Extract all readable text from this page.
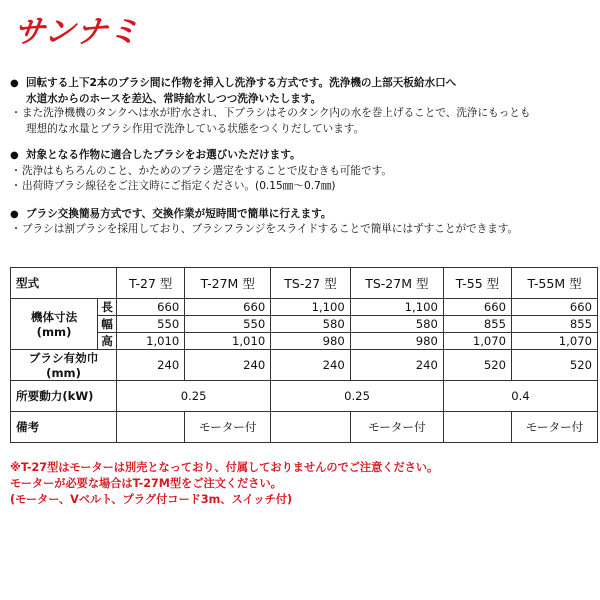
サンナミ
● 回転する上下2本のブラシ間に作物を挿入し洗浄する方式です。洗浄機の上部天板給水口へ
水道水からのホースを差込、常時給水しつつ洗浄いたします。
・また洗浄機機のタンクへは水が貯水され、下ブラシはそのタンク内の水を巻上げることで、洗浄にもっとも
理想的な水量とブラシ作用で洗浄している状態をつくりだしています。
● 対象となる作物に適合したブラシをお選びいただけます。
・洗浄はもちろんのこと、かためのブラシ選定をすることで皮むきも可能です。
・出荷時ブラシ線径をご注文時にご指定ください。(0.15㎜～0.7㎜)
● ブラシ交換簡易方式です、交換作業が短時間で簡単に行えます。
・ブラシは割ブラシを採用しており、ブラシフランジをスライドすることで簡単にはずすことができます。
型式		T-27 型	T-27M 型	TS-27 型	TS-27M 型	T-55 型	T-55M 型
機体寸法
(mm)	長	660	660	1,100	1,100	660	660
	幅	550	550	580	580	855	855
	高	1,010	1,010	980	980	1,070	1,070
ブラシ有効巾
(mm)		240	240	240	240	520	520
所要動力(kW)		0.25		0.25		0.4	
備考			モーター付		モーター付		モーター付
※T-27型はモーターは別売となっており、付属しておりませんのでご注意ください。
モーターが必要な場合はT-27M型をご注文ください。
(モーター、Vベルト、プラグ付コード3m、スイッチ付)
